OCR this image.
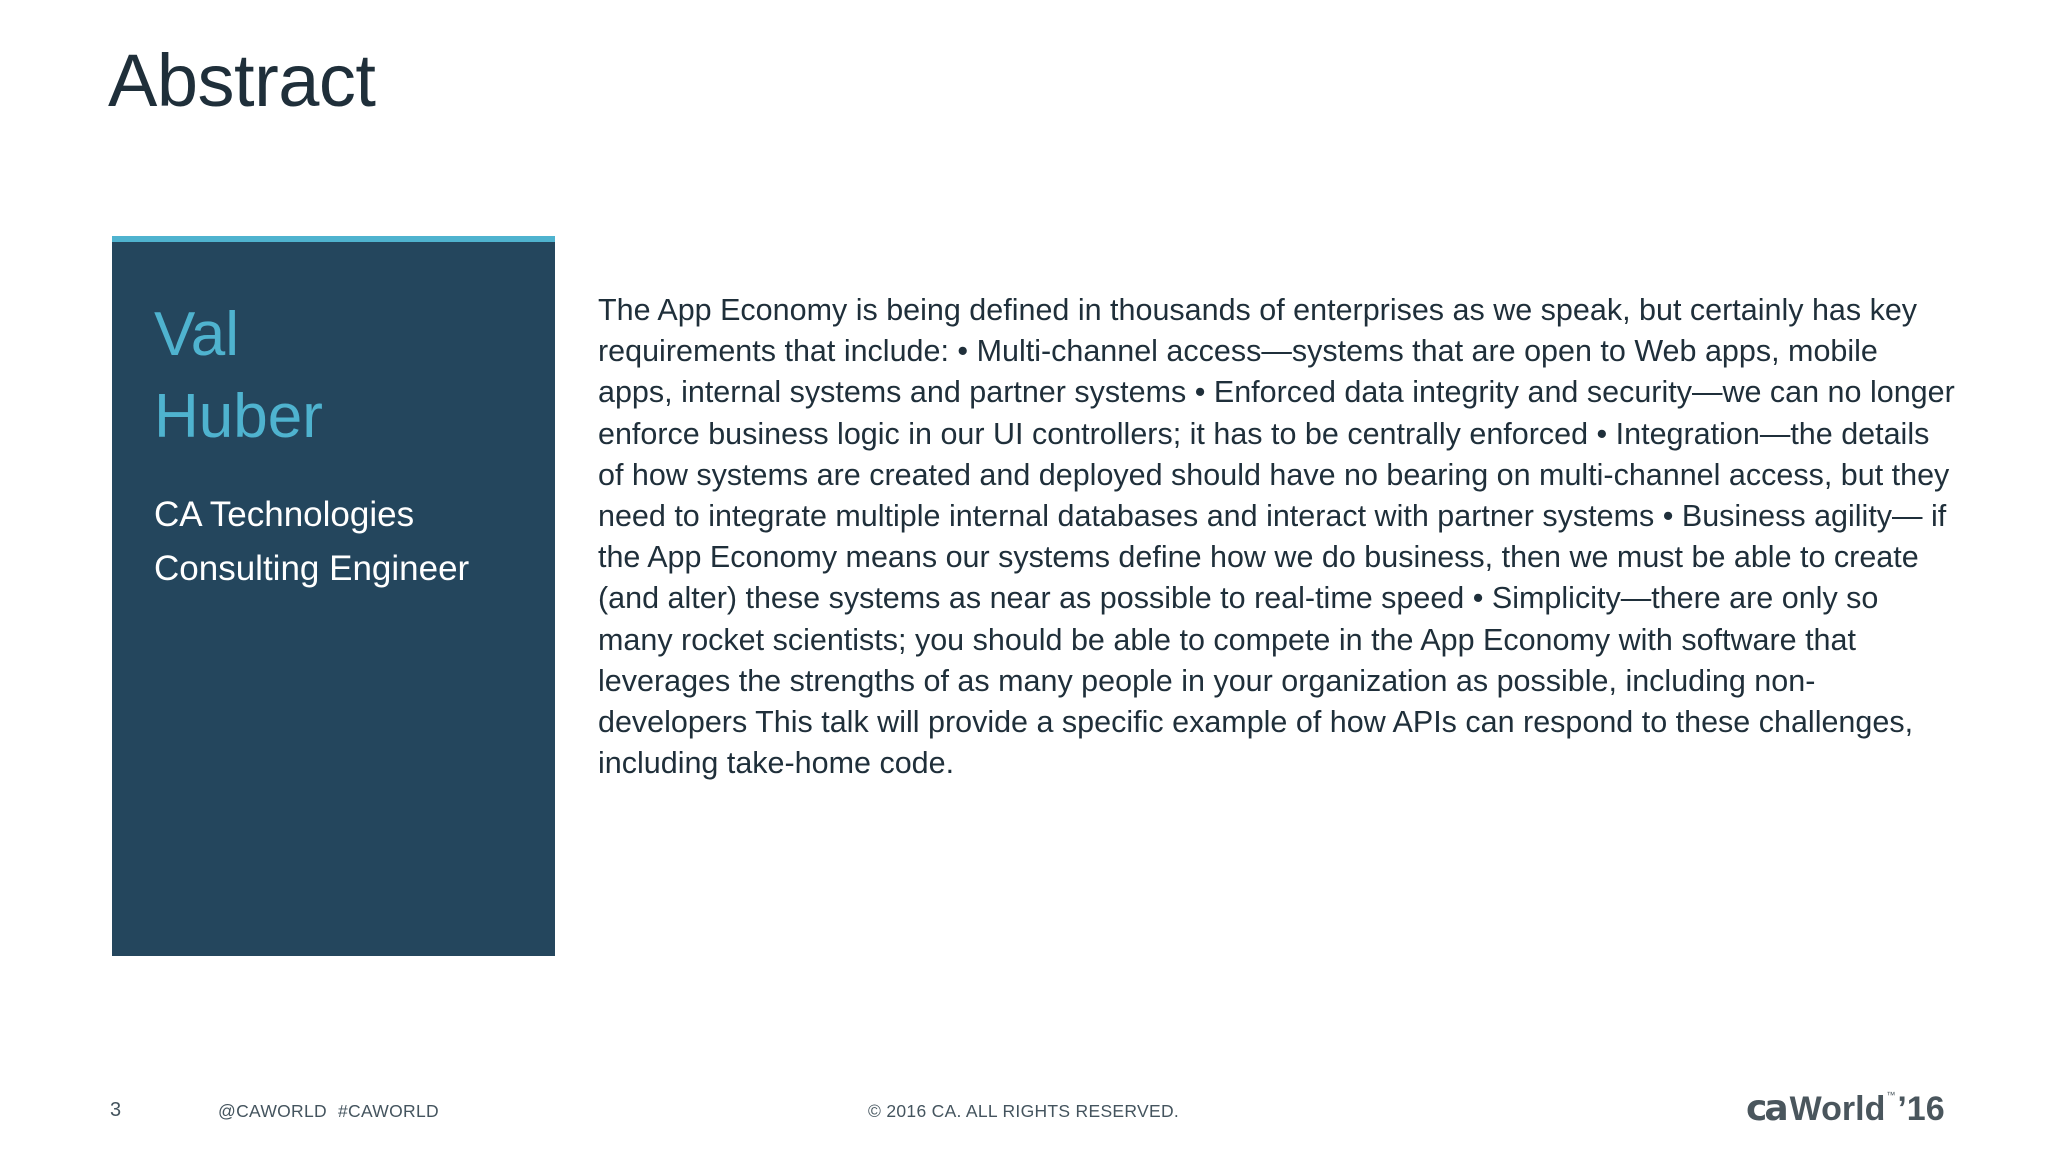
Abstract
Val
Huber
CA Technologies
Consulting Engineer
The App Economy is being defined in thousands of enterprises as we speak, but certainly has key requirements that include: • Multi-channel access—systems that are open to Web apps, mobile apps, internal systems and partner systems • Enforced data integrity and security—we can no longer enforce business logic in our UI controllers; it has to be centrally enforced • Integration—the details of how systems are created and deployed should have no bearing on multi-channel access, but they need to integrate multiple internal databases and interact with partner systems • Business agility— if the App Economy means our systems define how we do business, then we must be able to create (and alter) these systems as near as possible to real-time speed • Simplicity—there are only so many rocket scientists; you should be able to compete in the App Economy with software that leverages the strengths of as many people in your organization as possible, including non-developers This talk will provide a specific example of how APIs can respond to these challenges, including take-home code.
3	@CAWORLD #CAWORLD	© 2016 CA. ALL RIGHTS RESERVED.	ca World ™ ’16
